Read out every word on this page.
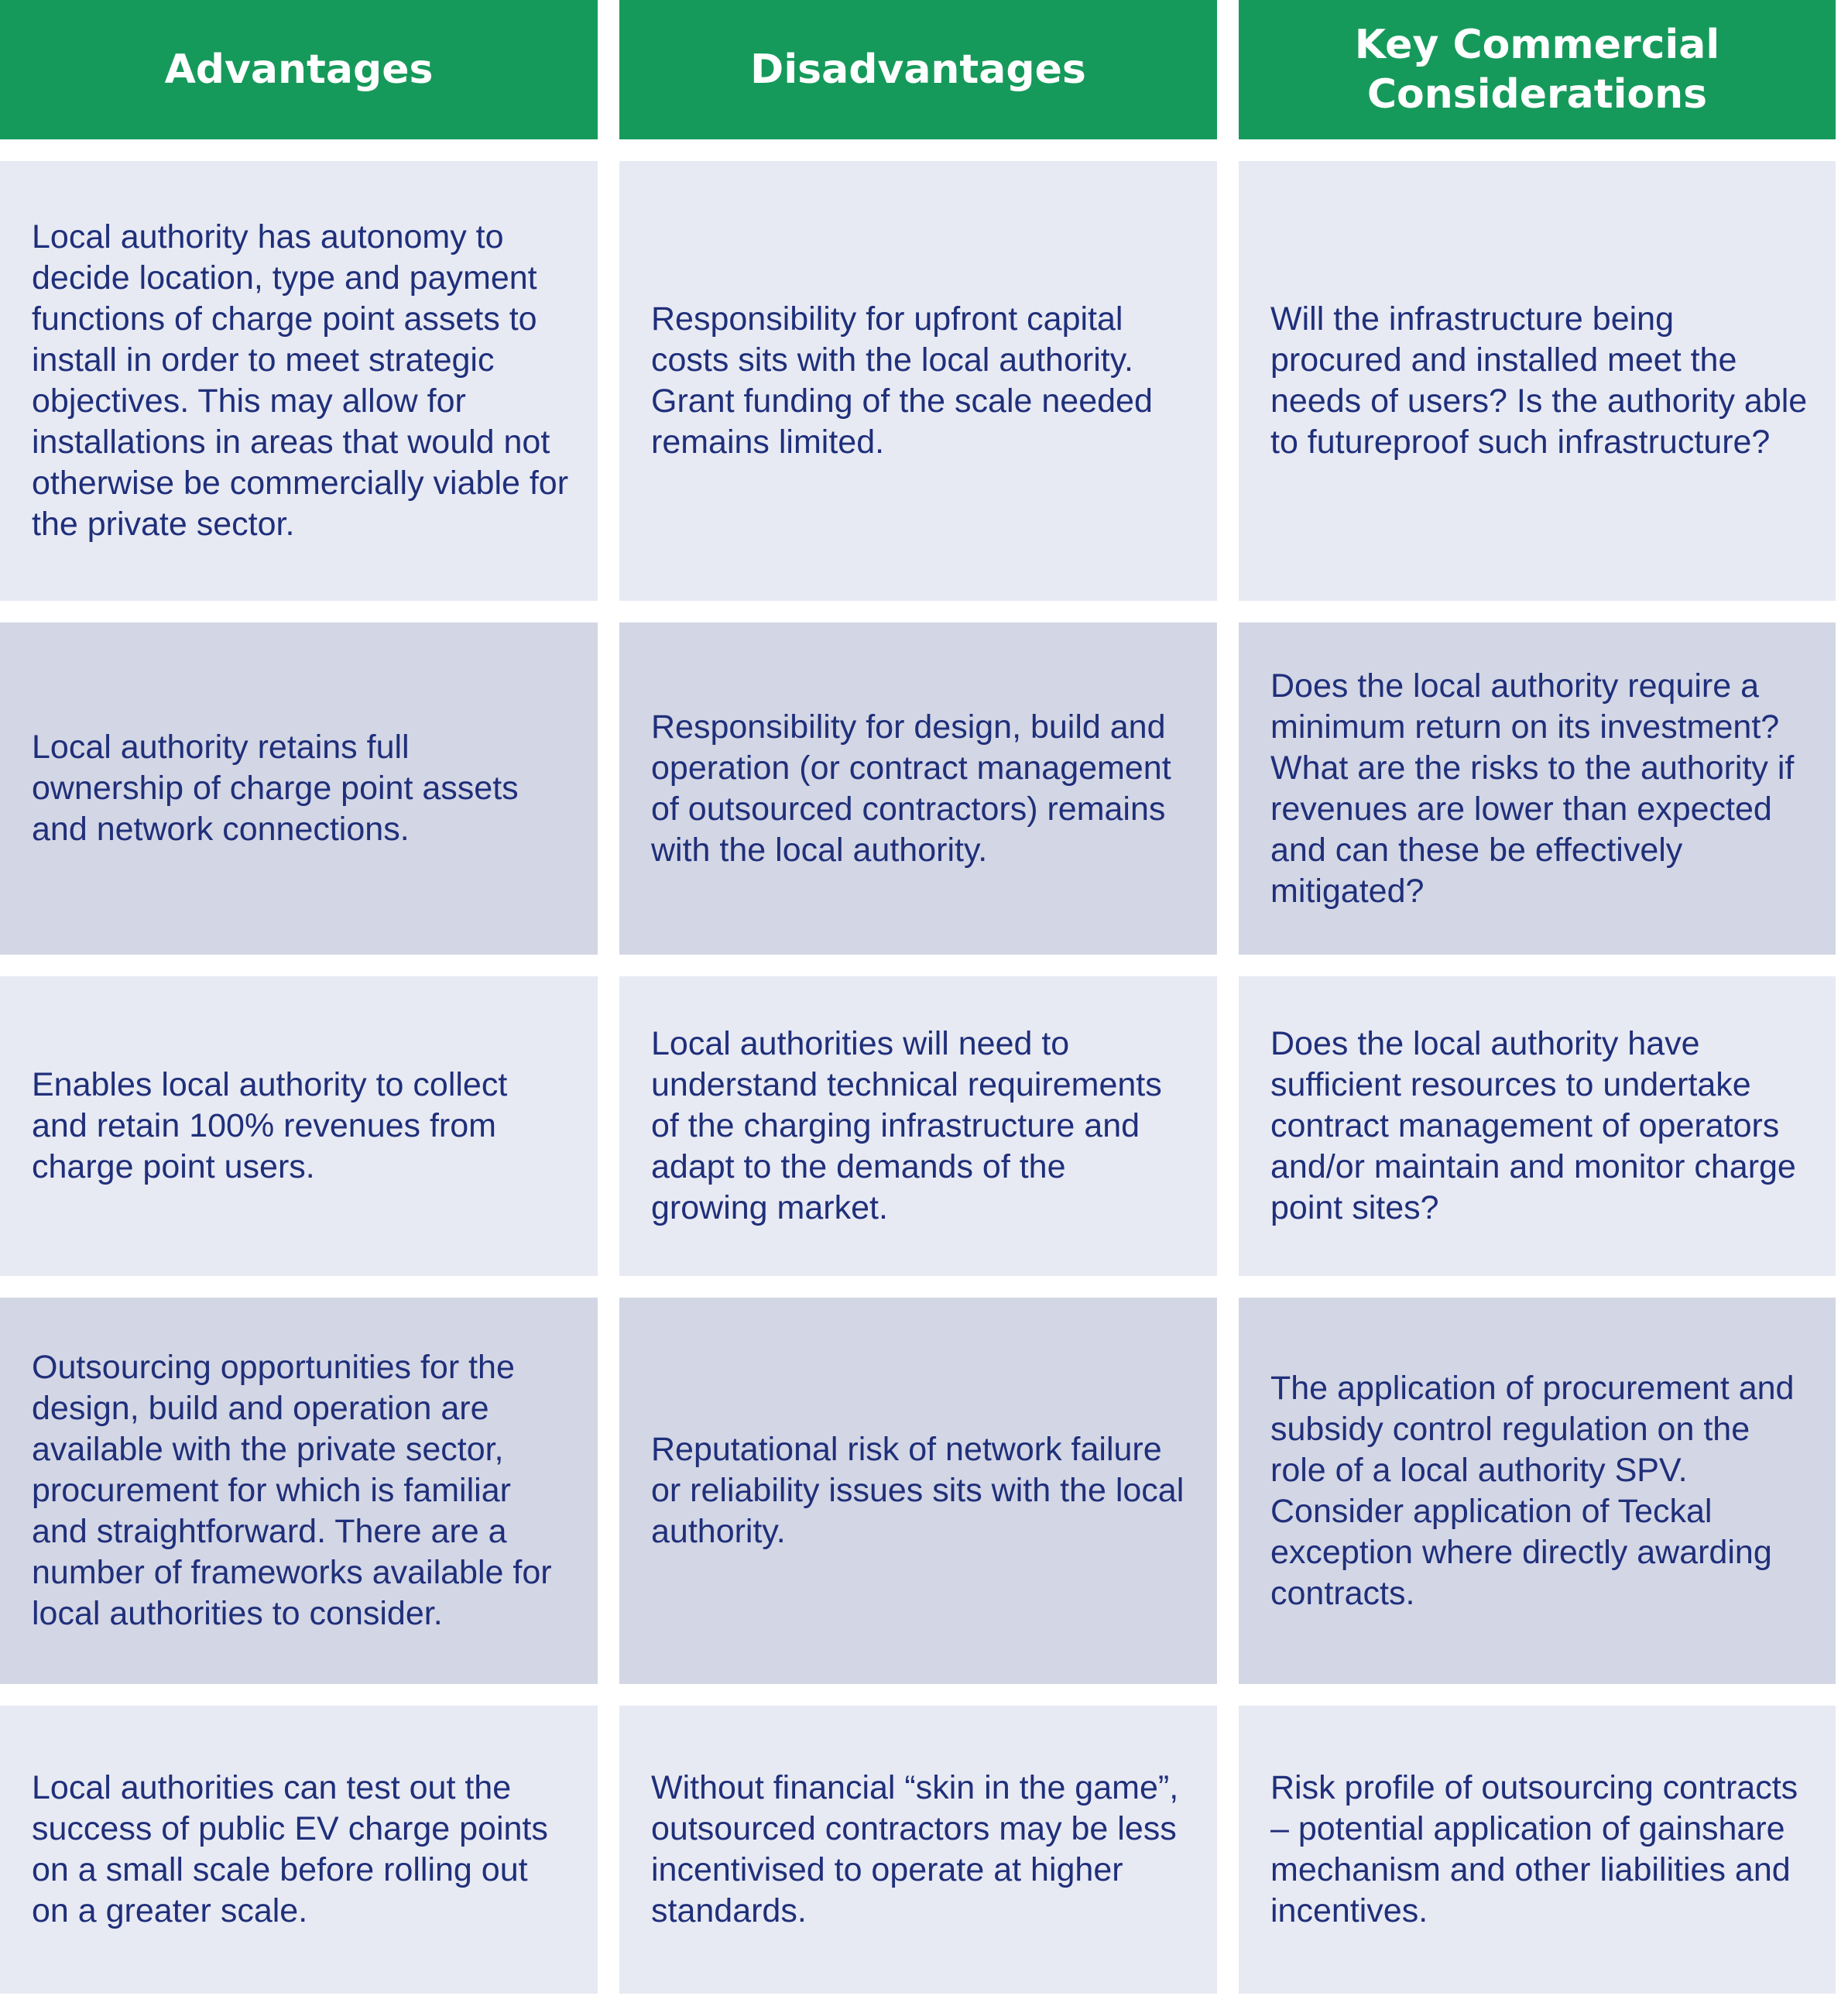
Advantages	Disadvantages
Key Commercial Considerations
Local authority has autonomy to decide location, type and payment functions of charge point assets to install in order to meet strategic objectives. This may allow for installations in areas that would not otherwise be commercially viable for the private sector.
Responsibility for upfront capital costs sits with the local authority. Grant funding of the scale needed remains limited.
Will the infrastructure being procured and installed meet the needs of users? Is the authority able to futureproof such infrastructure?
Local authority retains full ownership of charge point assets and network connections.
Responsibility for design, build and operation (or contract management of outsourced contractors) remains with the local authority.
Does the local authority require a minimum return on its investment? What are the risks to the authority if revenues are lower than expected and can these be effectively mitigated?
Enables local authority to collect and retain 100% revenues from charge point users.
Local authorities will need to understand technical requirements of the charging infrastructure and adapt to the demands of the growing market.
Does the local authority have sufficient resources to undertake contract management of operators and/or maintain and monitor charge point sites?
Outsourcing opportunities for the design, build and operation are available with the private sector, procurement for which is familiar and straightforward. There are a number of frameworks available for local authorities to consider.
Reputational risk of network failure or reliability issues sits with the local authority.
The application of procurement and subsidy control regulation on the role of a local authority SPV. Consider application of Teckal exception where directly awarding contracts.
Local authorities can test out the success of public EV charge points on a small scale before rolling out on a greater scale.
Without financial “skin in the game”, outsourced contractors may be less incentivised to operate at higher standards.
Risk profile of outsourcing contracts – potential application of gainshare mechanism and other liabilities and incentives.
